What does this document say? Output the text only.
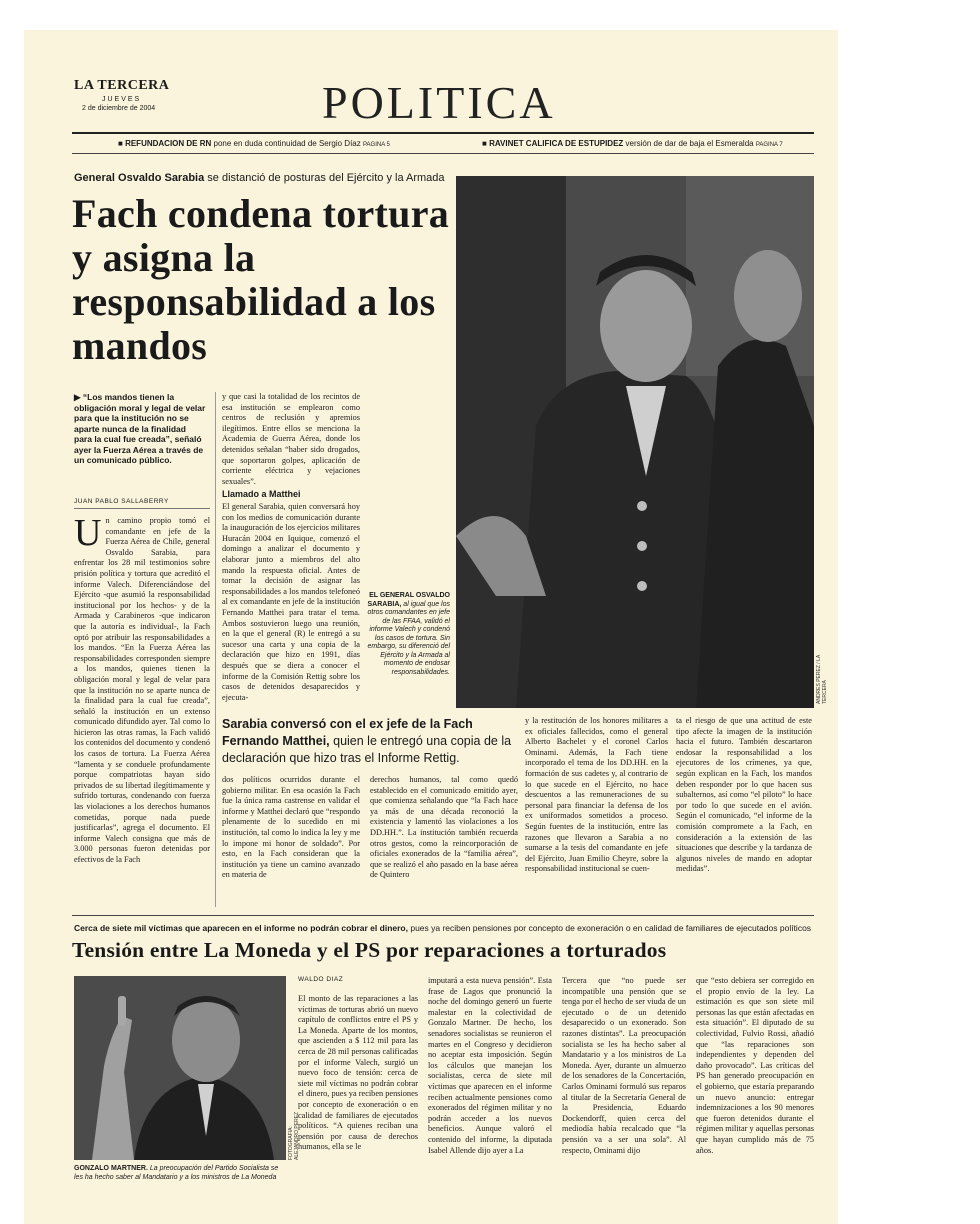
LA TERCERA
JUEVES
2 de diciembre de 2004	POLITICA
■ REFUNDACION DE RN pone en duda continuidad de Sergio Díaz PAGINA 5	■ RAVINET CALIFICA DE ESTUPIDEZ versión de dar de baja el Esmeralda PAGINA 7
General Osvaldo Sarabia se distanció de posturas del Ejército y la Armada
Fach condena tortura y asigna la responsabilidad a los mandos
▶ “Los mandos tienen la obligación moral y legal de velar para que la institución no se aparte nunca de la finalidad para la cual fue creada”, señaló ayer la Fuerza Aérea a través de un comunicado público.
JUAN PABLO SALLABERRY
Un camino propio tomó el comandante en jefe de la Fuerza Aérea de Chile, general Osvaldo Sarabia, para enfrentar los 28 mil testimonios sobre prisión política y tortura que acreditó el informe Valech. Diferenciándose del Ejército -que asumió la responsabilidad institucional por los hechos- y de la Armada y Carabineros -que indicaron que la autoría es individual-, la Fach optó por atribuir las responsabilidades a los mandos. “En la Fuerza Aérea las responsabilidades corresponden siempre a los mandos, quienes tienen la obligación moral y legal de velar para que la institución no se aparte nunca de la finalidad para la cual fue creada”, señaló la institución en un extenso comunicado difundido ayer. Tal como lo hicieron las otras ramas, la Fach validó los contenidos del documento y condenó los casos de tortura. La Fuerza Aérea “lamenta y se conduele profundamente porque compatriotas hayan sido privados de su libertad ilegítimamente y sufrido torturas, condenando con fuerza las violaciones a los derechos humanos cometidas, porque nada puede justificarlas”, agrega el documento. El informe Valech consigna que más de 3.000 personas fueron detenidas por efectivos de la Fach
y que casi la totalidad de los recintos de esa institución se emplearon como centros de reclusión y apremios ilegítimos. Entre ellos se menciona la Academia de Guerra Aérea, donde los detenidos señalan “haber sido drogados, que soportaron golpes, aplicación de corriente eléctrica y vejaciones sexuales”.
Llamado a Matthei
El general Sarabia, quien conversará hoy con los medios de comunicación durante la inauguración de los ejercicios militares Huracán 2004 en Iquique, comenzó el domingo a analizar el documento y elaborar junto a miembros del alto mando la respuesta oficial. Antes de tomar la decisión de asignar las responsabilidades a los mandos telefoneó al ex comandante en jefe de la institución Fernando Matthei para tratar el tema. Ambos sostuvieron luego una reunión, en la que el general (R) le entregó a su sucesor una carta y una copia de la declaración que hizo en 1991, días después que se diera a conocer el informe de la Comisión Rettig sobre los casos de detenidos desaparecidos y ejecuta-
EL GENERAL OSVALDO SARABIA, al igual que los otros comandantes en jefe de las FFAA, validó el informe Valech y condenó los casos de tortura. Sin embargo, su diferenció del Ejército y la Armada al momento de endosar responsabilidades.	ANDRES PEREZ / LA TERCERA
Sarabia conversó con el ex jefe de la Fach Fernando Matthei, quien le entregó una copia de la declaración que hizo tras el Informe Rettig.
dos políticos ocurridos durante el gobierno militar. En esa ocasión la Fach fue la única rama castrense en validar el informe y Matthei declaró que “respondo plenamente de lo sucedido en mi institución, tal como lo indica la ley y me lo impone mi honor de soldado”. Por esto, en la Fach consideran que la institución ya tiene un camino avanzado en materia de
derechos humanos, tal como quedó establecido en el comunicado emitido ayer, que comienza señalando que “la Fach hace ya más de una década reconoció la existencia y lamentó las violaciones a los DD.HH.”. La institución también recuerda otros gestos, como la reincorporación de oficiales exonerados de la “familia aérea”, que se realizó el año pasado en la base aérea de Quintero
y la restitución de los honores militares a ex oficiales fallecidos, como el general Alberto Bachelet y el coronel Carlos Ominami. Además, la Fach tiene incorporado el tema de los DD.HH. en la formación de sus cadetes y, al contrario de lo que sucede en el Ejército, no hace descuentos a las remuneraciones de su personal para financiar la defensa de los ex uniformados sometidos a proceso. Según fuentes de la institución, entre las razones que llevaron a Sarabia a no sumarse a la tesis del comandante en jefe del Ejército, Juan Emilio Cheyre, sobre la responsabilidad institucional se cuen-
ta el riesgo de que una actitud de este tipo afecte la imagen de la institución hacia el futuro. También descartaron endosar la responsabilidad a los ejecutores de los crímenes, ya que, según explican en la Fach, los mandos deben responder por lo que hacen sus subalternos, así como “el piloto” lo hace por todo lo que sucede en el avión. Según el comunicado, “el informe de la comisión compromete a la Fach, en consideración a la extensión de las situaciones que describe y la tardanza de algunos niveles de mando en adoptar medidas”.
Cerca de siete mil víctimas que aparecen en el informe no podrán cobrar el dinero, pues ya reciben pensiones por concepto de exoneración o en calidad de familiares de ejecutados políticos
Tensión entre La Moneda y el PS por reparaciones a torturados
FOTOGRAFIA: ALEJANDRO PEREZ
GONZALO MARTNER. La preocupación del Partido Socialista se les ha hecho saber al Mandatario y a los ministros de La Moneda
WALDO DIAZ
El monto de las reparaciones a las víctimas de torturas abrió un nuevo capítulo de conflictos entre el PS y La Moneda. Aparte de los montos, que ascienden a $ 112 mil para las cerca de 28 mil personas calificadas por el informe Valech, surgió un nuevo foco de tensión: cerca de siete mil víctimas no podrán cobrar el dinero, pues ya reciben pensiones por concepto de exoneración o en calidad de familiares de ejecutados políticos. “A quienes reciban una pensión por causa de derechos humanos, ella se le
imputará a esta nueva pensión”. Esta frase de Lagos que pronunció la noche del domingo generó un fuerte malestar en la colectividad de Gonzalo Martner. De hecho, los senadores socialistas se reunieron el martes en el Congreso y decidieron no aceptar esta imposición. Según los cálculos que manejan los socialistas, cerca de siete mil víctimas que aparecen en el informe reciben actualmente pensiones como exonerados del régimen militar y no podrán acceder a los nuevos beneficios. Aunque valoró el contenido del informe, la diputada Isabel Allende dijo ayer a La
Tercera que “no puede ser incompatible una pensión que se tenga por el hecho de ser viuda de un ejecutado o de un detenido desaparecido o un exonerado. Son razones distintas”. La preocupación socialista se les ha hecho saber al Mandatario y a los ministros de La Moneda. Ayer, durante un almuerzo de los senadores de la Concertación, Carlos Ominami formuló sus reparos al titular de la Secretaría General de la Presidencia, Eduardo Dockendorff, quien cerca del mediodía había recalcado que “la pensión va a ser una sola”. Al respecto, Ominami dijo
que “esto debiera ser corregido en el propio envío de la ley. La estimación es que son siete mil personas las que están afectadas en esta situación”. El diputado de su colectividad, Fulvio Rossi, añadió que “las reparaciones son independientes y dependen del daño provocado”. Las críticas del PS han generado preocupación en el gobierno, que estaría preparando un nuevo anuncio: entregar indemnizaciones a los 90 menores que fueron detenidos durante el régimen militar y aquellas personas que hayan cumplido más de 75 años.
